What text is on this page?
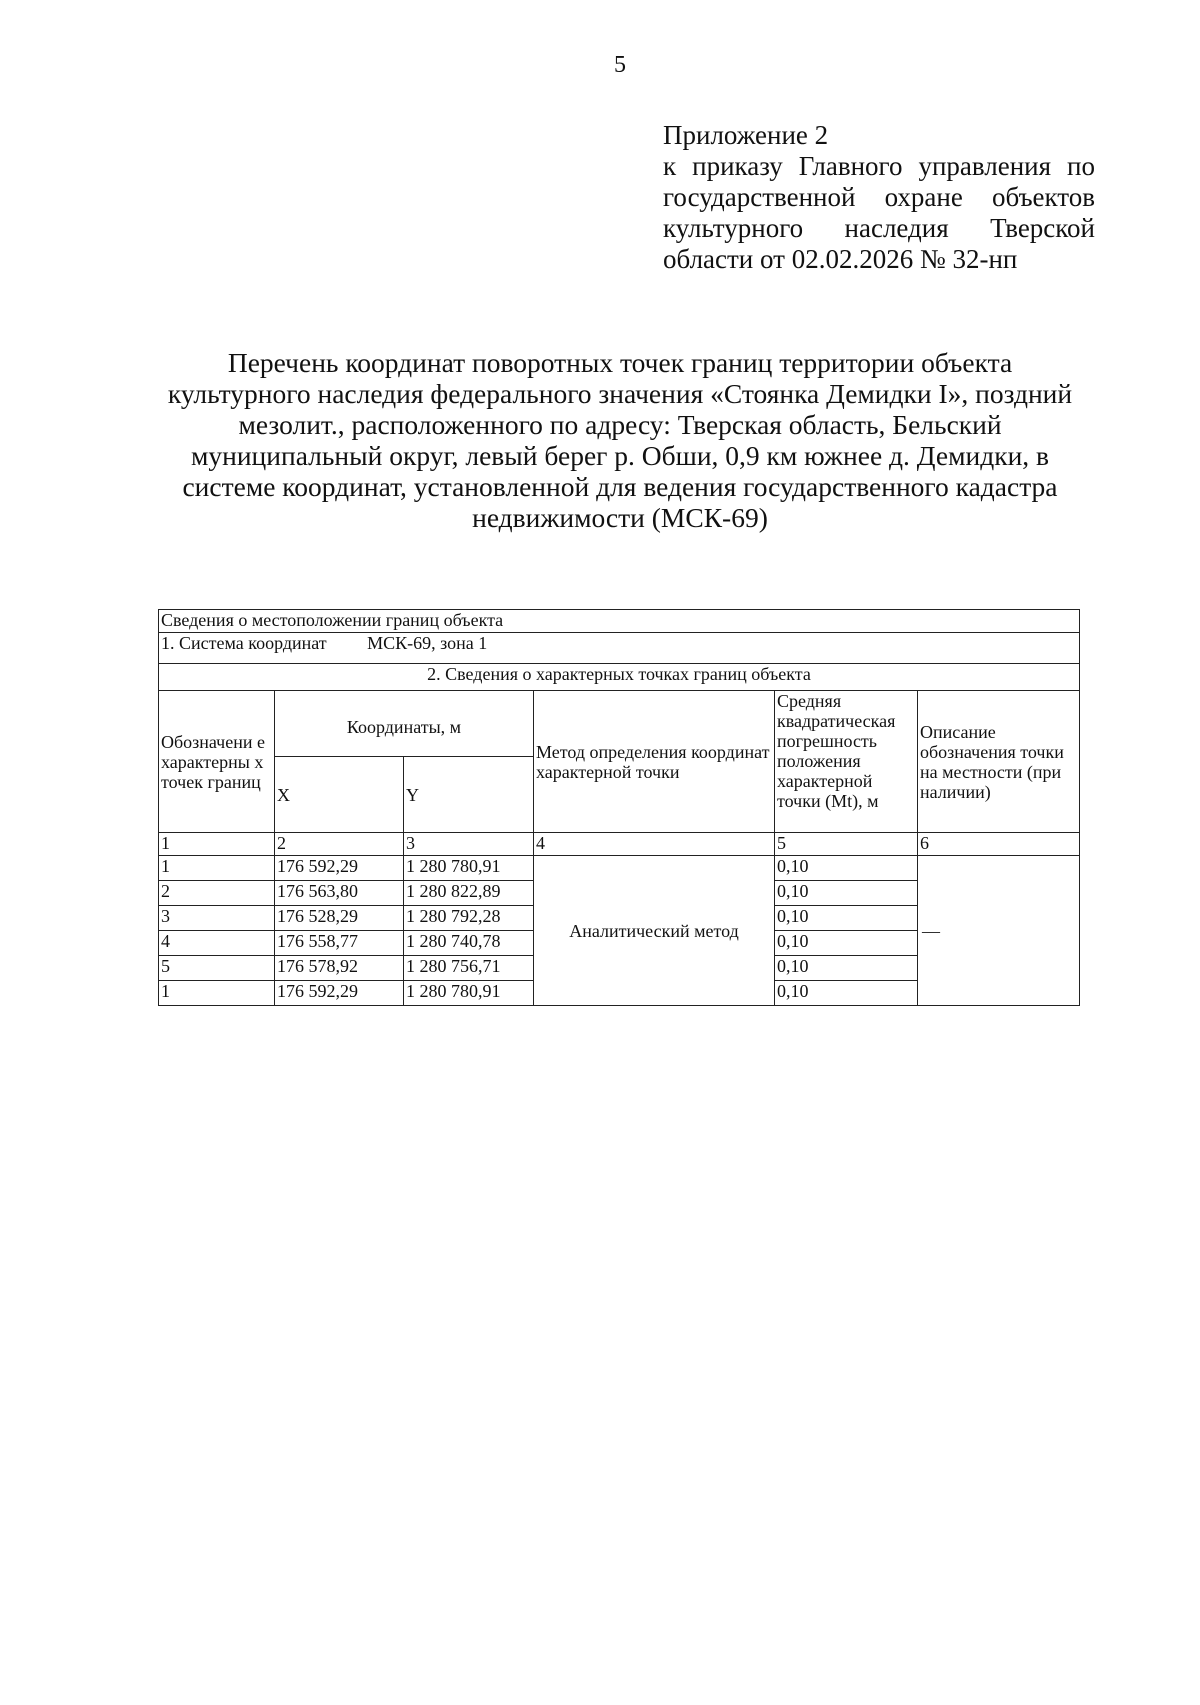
5
Приложение 2
к приказу Главного управления по
государственной охране объектов
культурного наследия Тверской
области от 02.02.2026 № 32-нп
Перечень координат поворотных точек границ территории объекта
культурного наследия федерального значения «Стоянка Демидки I», поздний
мезолит., расположенного по адресу: Тверская область, Бельский
муниципальный округ, левый берег р. Обши, 0,9 км южнее д. Демидки, в
системе координат, установленной для ведения государственного кадастра
недвижимости (МСК-69)
Сведения о местоположении границ объекта					
1. Система координат МСК-69, зона 1					
2. Сведения о характерных точках границ объекта					
Обозначени е характерны х точек границ	Координаты, м		Метод определения координат характерной точки	Средняя квадратическая погрешность положения характерной точки (Mt), м	Описание обозначения точки на местности (при наличии)
	X	Y			
1	2	3	4	5	6
1	176 592,29	1 280 780,91	Аналитический метод	0,10	—
2	176 563,80	1 280 822,89		0,10	
3	176 528,29	1 280 792,28		0,10	
4	176 558,77	1 280 740,78		0,10	
5	176 578,92	1 280 756,71		0,10	
1	176 592,29	1 280 780,91		0,10	
